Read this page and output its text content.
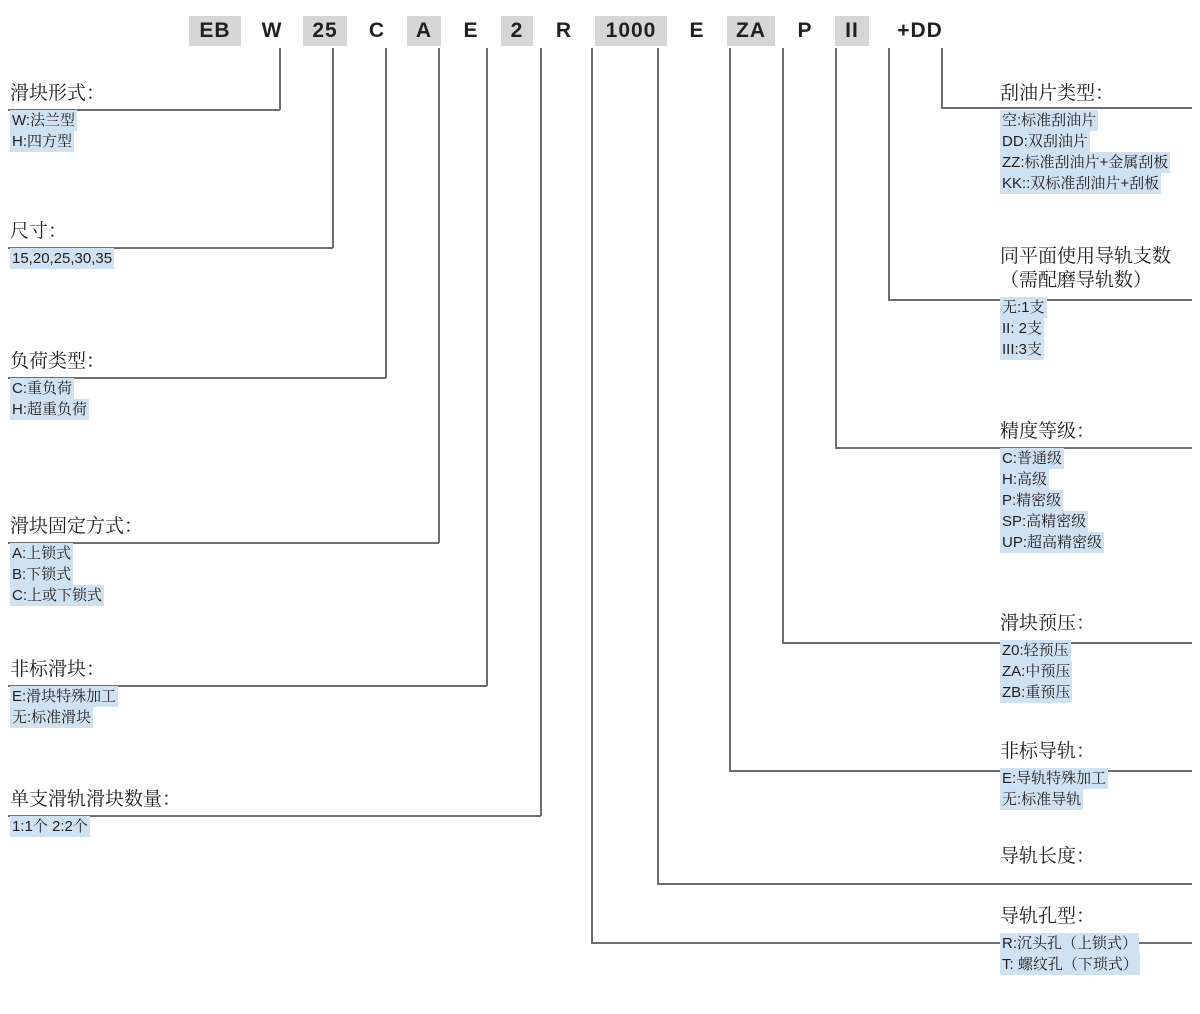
EB	W	25	C	A	E	2	R	1000	E	ZA	P	II	+DD
滑块形式：
W:法兰型
H:四方型
尺寸：
15,20,25,30,35
负荷类型：
C:重负荷
H:超重负荷
滑块固定方式：
A:上锁式
B:下锁式
C:上或下锁式
非标滑块：
E:滑块特殊加工
无:标准滑块
单支滑轨滑块数量：
1:1个 2:2个
刮油片类型：
空:标准刮油片
DD:双刮油片
ZZ:标准刮油片+金属刮板
KK::双标准刮油片+刮板
同平面使用导轨支数
（需配磨导轨数）
无:1支
II: 2支
III:3支
精度等级：
C:普通级
H:高级
P:精密级
SP:高精密级
UP:超高精密级
滑块预压：
Z0:轻预压
ZA:中预压
ZB:重预压
非标导轨：
E:导轨特殊加工
无:标准导轨
导轨长度：
导轨孔型：
R:沉头孔（上锁式）
T: 螺纹孔（下琐式）
